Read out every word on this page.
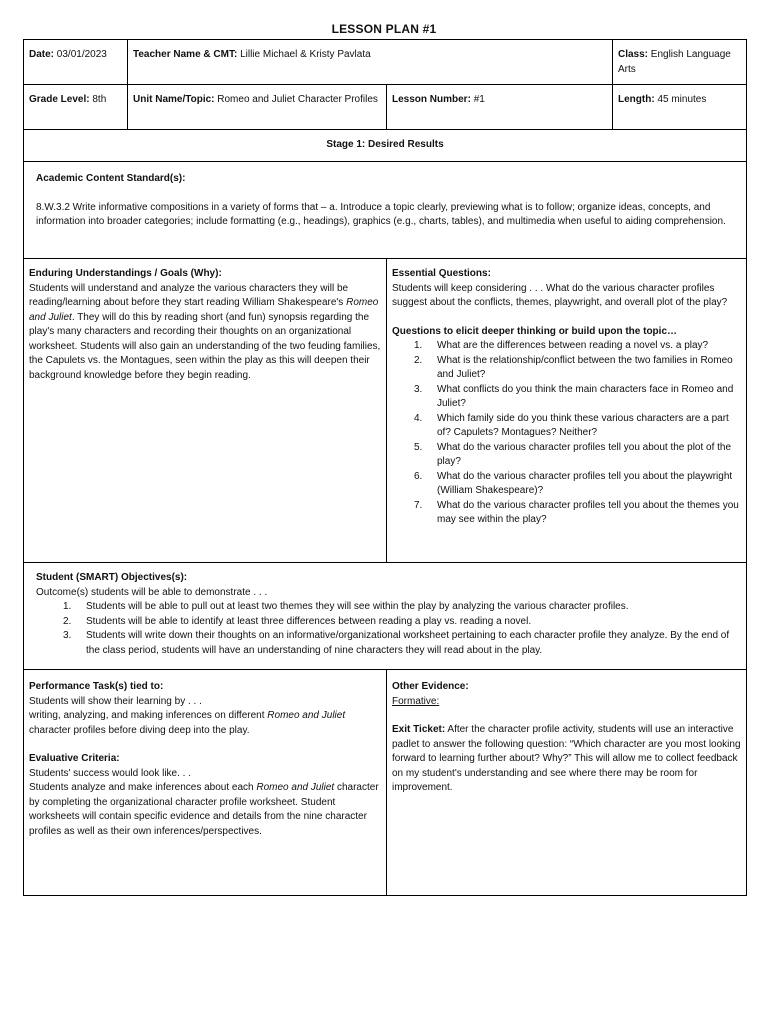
LESSON PLAN #1
Date: 03/01/2023	Teacher Name & CMT: Lillie Michael & Kristy Pavlata	Class: English Language Arts
Grade Level: 8th	Unit Name/Topic: Romeo and Juliet Character Profiles	Lesson Number: #1	Length: 45 minutes
Stage 1: Desired Results

Academic Content Standard(s):

8.W.3.2 Write informative compositions in a variety of forms that – a. Introduce a topic clearly, previewing what is to follow; organize ideas, concepts, and information into broader categories; include formatting (e.g., headings), graphics (e.g., charts, tables), and multimedia when useful to aiding comprehension.

Enduring Understandings / Goals (Why):

Students will understand and analyze the various characters they will be reading/learning about before they start reading William Shakespeare's Romeo and Juliet. They will do this by reading short (and fun) synopsis regarding the play's many characters and recording their thoughts on an organizational worksheet. Students will also gain an understanding of the two feuding families, the Capulets vs. the Montagues, seen within the play as this will deepen their background knowledge before they begin reading.

Essential Questions:

Students will keep considering . . . What do the various character profiles suggest about the conflicts, themes, playwright, and overall plot of the play?

Questions to elicit deeper thinking or build upon the topic…

1. What are the differences between reading a novel vs. a play?
2. What is the relationship/conflict between the two families in Romeo and Juliet?
3. What conflicts do you think the main characters face in Romeo and Juliet?
4. Which family side do you think these various characters are a part of? Capulets? Montagues? Neither?
5. What do the various character profiles tell you about the plot of the play?
6. What do the various character profiles tell you about the playwright (William Shakespeare)?
7. What do the various character profiles tell you about the themes you may see within the play?

Student (SMART) Objectives(s):

Outcome(s) students will be able to demonstrate . . .

1. Students will be able to pull out at least two themes they will see within the play by analyzing the various character profiles.
2. Students will be able to identify at least three differences between reading a play vs. reading a novel.
3. Students will write down their thoughts on an informative/organizational worksheet pertaining to each character profile they analyze. By the end of the class period, students will have an understanding of nine characters they will read about in the play.

Performance Task(s) tied to:

Students will show their learning by . . .

writing, analyzing, and making inferences on different Romeo and Juliet character profiles before diving deep into the play.

Evaluative Criteria:

Students' success would look like. . .

Students analyze and make inferences about each Romeo and Juliet character by completing the organizational character profile worksheet. Student worksheets will contain specific evidence and details from the nine character profiles as well as their own inferences/perspectives.

Other Evidence:

Formative:

Exit Ticket: After the character profile activity, students will use an interactive padlet to answer the following question: “Which character are you most looking forward to learning further about? Why?” This will allow me to collect feedback on my student's understanding and see where there may be room for improvement.
